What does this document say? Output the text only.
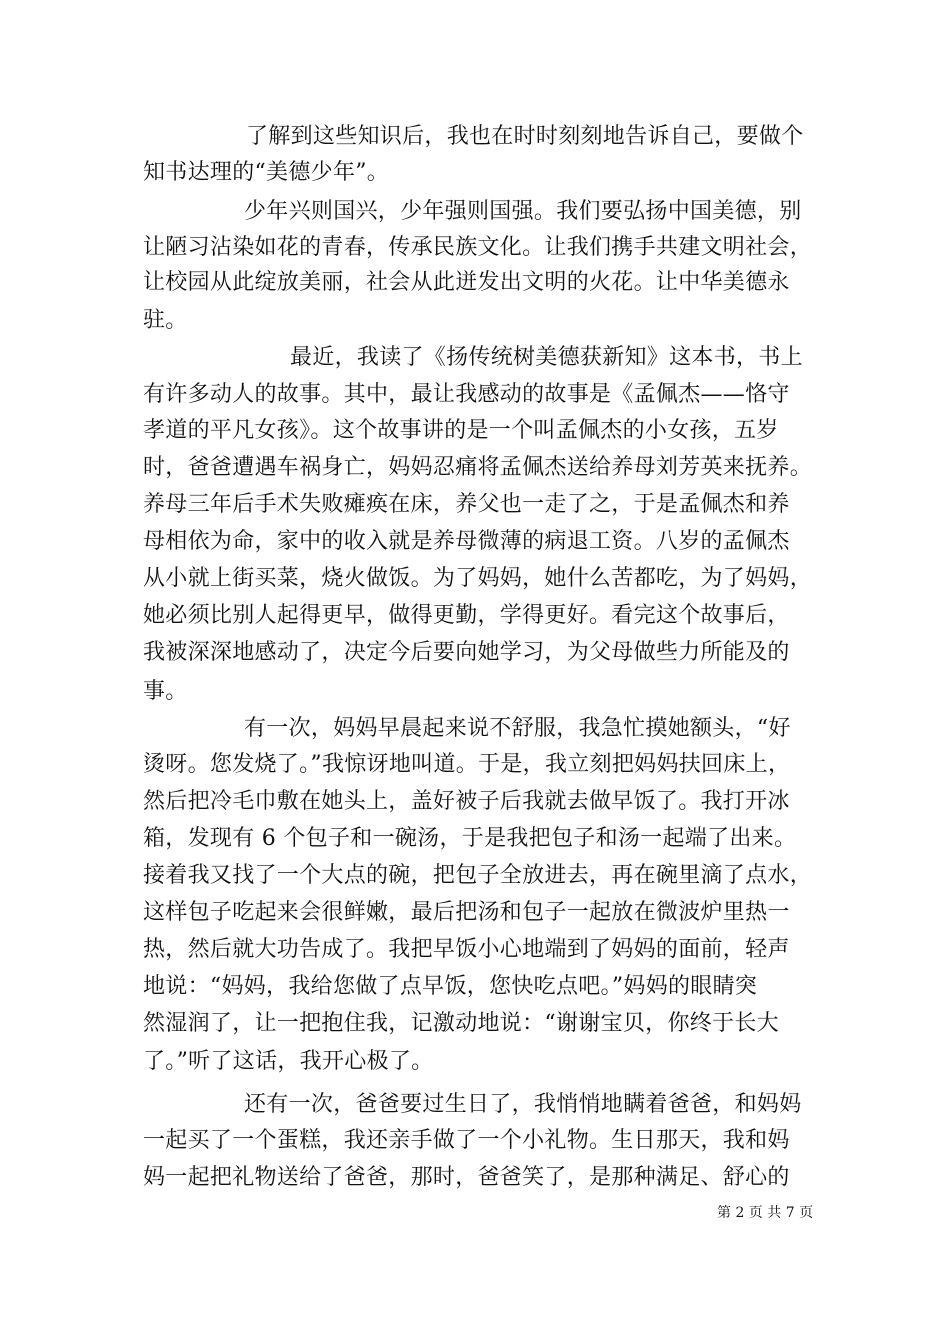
了解到这些知识后，我也在时时刻刻地告诉自己，要做个
知书达理的“美德少年”。
少年兴则国兴，少年强则国强。我们要弘扬中国美德，别
让陋习沾染如花的青春，传承民族文化。让我们携手共建文明社会，
让校园从此绽放美丽，社会从此迸发出文明的火花。让中华美德永
驻。
最近，我读了《扬传统树美德获新知》这本书，书上
有许多动人的故事。其中，最让我感动的故事是《孟佩杰——恪守
孝道的平凡女孩》。这个故事讲的是一个叫孟佩杰的小女孩，五岁
时，爸爸遭遇车祸身亡，妈妈忍痛将孟佩杰送给养母刘芳英来抚养。
养母三年后手术失败瘫痪在床，养父也一走了之，于是孟佩杰和养
母相依为命，家中的收入就是养母微薄的病退工资。八岁的孟佩杰
从小就上街买菜，烧火做饭。为了妈妈，她什么苦都吃，为了妈妈，
她必须比别人起得更早，做得更勤，学得更好。看完这个故事后，
我被深深地感动了，决定今后要向她学习，为父母做些力所能及的
事。
有一次，妈妈早晨起来说不舒服，我急忙摸她额头，“好
烫呀。您发烧了。”我惊讶地叫道。于是，我立刻把妈妈扶回床上，
然后把冷毛巾敷在她头上，盖好被子后我就去做早饭了。我打开冰
箱，发现有 6 个包子和一碗汤，于是我把包子和汤一起端了出来。
接着我又找了一个大点的碗，把包子全放进去，再在碗里滴了点水，
这样包子吃起来会很鲜嫩，最后把汤和包子一起放在微波炉里热一
热，然后就大功告成了。我把早饭小心地端到了妈妈的面前，轻声
地说：“妈妈，我给您做了点早饭，您快吃点吧。”妈妈的眼睛突
然湿润了，让一把抱住我，记激动地说：“谢谢宝贝，你终于长大
了。”听了这话，我开心极了。
还有一次，爸爸要过生日了，我悄悄地瞒着爸爸，和妈妈
一起买了一个蛋糕，我还亲手做了一个小礼物。生日那天，我和妈
妈一起把礼物送给了爸爸，那时，爸爸笑了，是那种满足、舒心的
第 2 页 共 7 页
